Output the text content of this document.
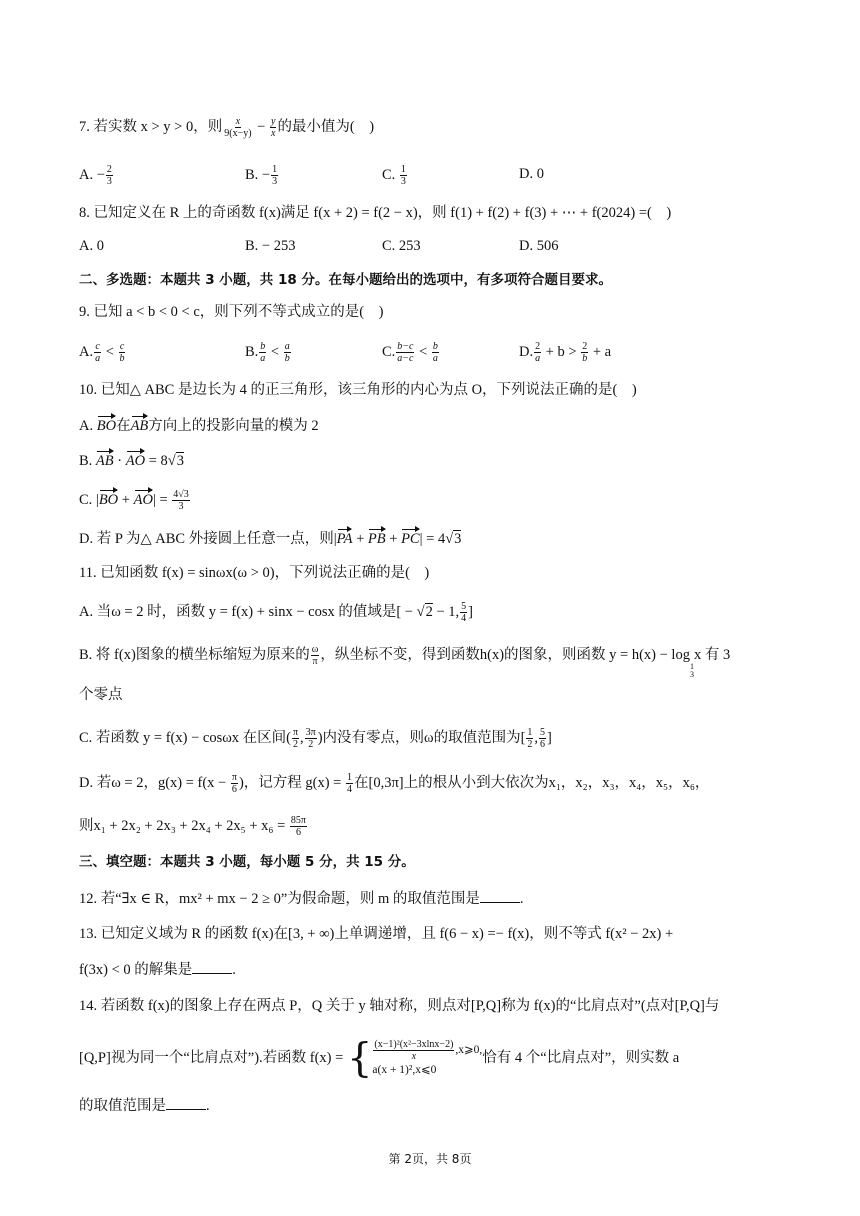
7. 若实数 x > y > 0，则 $\frac{x}{9(x-y)} - \frac{y}{x}$ 的最小值为(　)
A. − $\frac{2}{3}$	B. − $\frac{1}{3}$	C. $\frac{1}{3}$	D. 0
8. 已知定义在 R 上的奇函数 f(x)满足 f(x + 2) = f(2 − x)，则 f(1) + f(2) + f(3) + ⋯ + f(2024) =(　)
A. 0	B. − 253	C. 253	D. 506
二、多选题：本题共 3 小题，共 18 分。在每小题给出的选项中，有多项符合题目要求。
9. 已知 a < b < 0 < c，则下列不等式成立的是(　)
A. $\frac{c}{a} < \frac{c}{b}$	B. $\frac{b}{a} < \frac{a}{b}$	C. $\frac{b-c}{a-c} < \frac{b}{a}$	D. $\frac{2}{a} + b > \frac{2}{b} + a$
10. 已知△ ABC 是边长为 4 的正三角形，该三角形的内心为点 O，下列说法正确的是(　)
A. BO在AB方向上的投影向量的模为 2
B. AB · AO = 8√3
C. $|BO + AO| = \frac{4√3}{3}$
D. 若 P 为△ ABC 外接圆上任意一点，则|PA + PB + PC| = 4√3
11. 已知函数 f(x) = sinωx(ω > 0)，下列说法正确的是(　)
A. 当ω = 2 时，函数 y = f(x) + sinx − cosx 的值域是[ − √2 − 1, $\frac{5}{4}$ ]
B. 将 f(x)图象的横坐标缩短为原来的 $\frac{\omega}{\pi}$ ，纵坐标不变，得到函数h(x)的图象，则函数 y = h(x) − log
1
3
x 有 3
个零点
C. 若函数 y = f(x) − cosωx 在区间( $\frac{\pi}{2}$ , $\frac{3\pi}{2}$ )内没有零点，则ω的取值范围为[ $\frac{1}{2}$ , $\frac{5}{6}$ ]
D. 若ω = 2，$g(x) = f(x - \frac{\pi}{6}$ )，记方程 $g(x) = \frac{1}{4}$ 在[0,3π]上的根从小到大依次为x₁，x₂，x₃，x₄，x₅，x₆，
则$x_1 + 2x_2 + 2x_3 + 2x_4 + 2x_5 + x_6 = \frac{85\pi}{6}$
三、填空题：本题共 3 小题，每小题 5 分，共 15 分。
12. 若“∃x ∈ R，mx² + mx − 2 ≥ 0”为假命题，则 m 的取值范围是	.
13. 已知定义域为 R 的函数 f(x)在[3, + ∞)上单调递增，且 f(6 − x) =− f(x)，则不等式 f(x² − 2x) +
f(3x) < 0 的解集是	.
14. 若函数 f(x)的图象上存在两点 P，Q 关于 y 轴对称，则点对[P,Q]称为 f(x)的“比肩点对”(点对[P,Q]与
[Q,P]视为同一个“比肩点对”).若函数 f(x) = { $\frac{\text{(x−1)²(x²−3xlnx−2)}}{x}$ ,x⩾0,
a(x + 1)²,x⩽0
恰有 4 个“比肩点对”，则实数 a
的取值范围是	.
第 2页，共 8页
